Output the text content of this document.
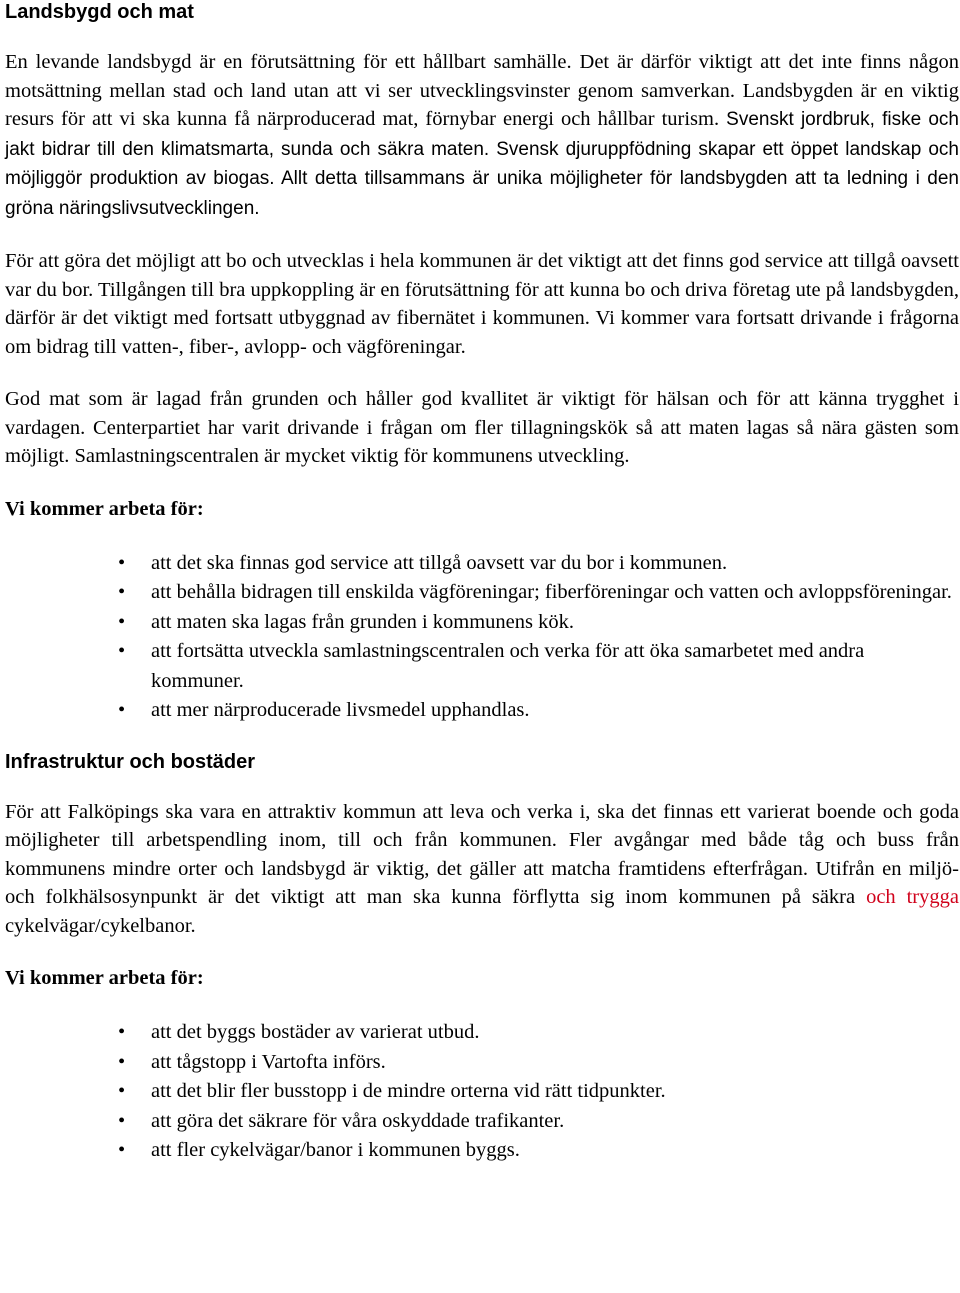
Landsbygd och mat

En levande landsbygd är en förutsättning för ett hållbart samhälle. Det är därför viktigt att det inte finns någon motsättning mellan stad och land utan att vi ser utvecklingsvinster genom samverkan. Landsbygden är en viktig resurs för att vi ska kunna få närproducerad mat, förnybar energi och hållbar turism. Svenskt jordbruk, fiske och jakt bidrar till den klimatsmarta, sunda och säkra maten. Svensk djuruppfödning skapar ett öppet landskap och möjliggör produktion av biogas. Allt detta tillsammans är unika möjligheter för landsbygden att ta ledning i den gröna näringslivsutvecklingen.

För att göra det möjligt att bo och utvecklas i hela kommunen är det viktigt att det finns god service att tillgå oavsett var du bor. Tillgången till bra uppkoppling är en förutsättning för att kunna bo och driva företag ute på landsbygden, därför är det viktigt med fortsatt utbyggnad av fibernätet i kommunen. Vi kommer vara fortsatt drivande i frågorna om bidrag till vatten-, fiber-, avlopp- och vägföreningar.

God mat som är lagad från grunden och håller god kvallitet är viktigt för hälsan och för att känna trygghet i vardagen. Centerpartiet har varit drivande i frågan om fler tillagningskök så att maten lagas så nära gästen som möjligt. Samlastningscentralen är mycket viktig för kommunens utveckling.

Vi kommer arbeta för:
• att det ska finnas god service att tillgå oavsett var du bor i kommunen.
• att behålla bidragen till enskilda vägföreningar; fiberföreningar och vatten och avloppsföreningar.
• att maten ska lagas från grunden i kommunens kök.
• att fortsätta utveckla samlastningscentralen och verka för att öka samarbetet med andra kommuner.
• att mer närproducerade livsmedel upphandlas.
Infrastruktur och bostäder

För att Falköpings ska vara en attraktiv kommun att leva och verka i, ska det finnas ett varierat boende och goda möjligheter till arbetspendling inom, till och från kommunen. Fler avgångar med både tåg och buss från kommunens mindre orter och landsbygd är viktig, det gäller att matcha framtidens efterfrågan. Utifrån en miljö- och folkhälsosynpunkt är det viktigt att man ska kunna förflytta sig inom kommunen på säkra och trygga cykelvägar/cykelbanor.

Vi kommer arbeta för:
• att det byggs bostäder av varierat utbud.
• att tågstopp i Vartofta införs.
• att det blir fler busstopp i de mindre orterna vid rätt tidpunkter.
• att göra det säkrare för våra oskyddade trafikanter.
• att fler cykelvägar/banor i kommunen byggs.
